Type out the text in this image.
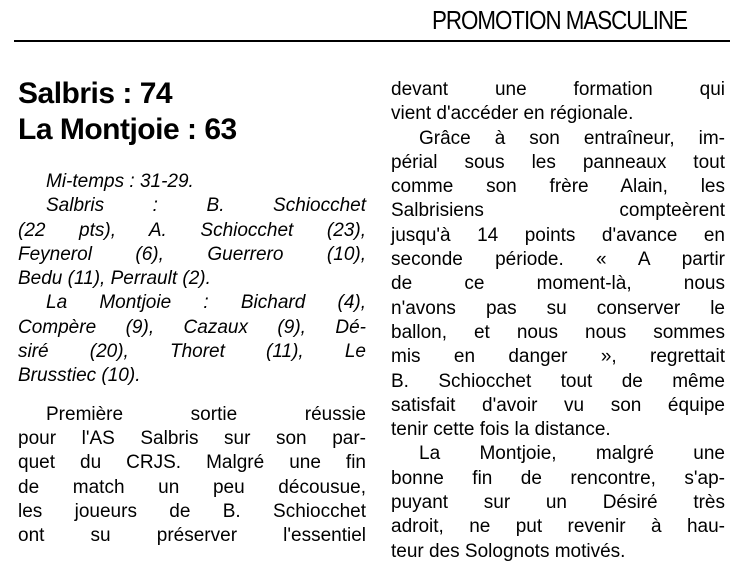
PROMOTION MASCULINE
Salbris : 74
La Montjoie : 63
Mi-temps : 31-29.
Salbris : B. Schiocchet
(22 pts), A. Schiocchet (23),
Feynerol (6), Guerrero (10),
Bedu (11), Perrault (2).
La Montjoie : Bichard (4),
Compère (9), Cazaux (9), Dé-
siré (20), Thoret (11), Le
Brusstiec (10).
Première sortie réussie
pour l'AS Salbris sur son par-
quet du CRJS. Malgré une fin
de match un peu décousue,
les joueurs de B. Schiocchet
ont su préserver l'essentiel
devant une formation qui
vient d'accéder en régionale.
Grâce à son entraîneur, im-
périal sous les panneaux tout
comme son frère Alain, les
Salbrisiens compteèrent
jusqu'à 14 points d'avance en
seconde période. « A partir
de ce moment-là, nous
n'avons pas su conserver le
ballon, et nous nous sommes
mis en danger », regrettait
B. Schiocchet tout de même
satisfait d'avoir vu son équipe
tenir cette fois la distance.
La Montjoie, malgré une
bonne fin de rencontre, s'ap-
puyant sur un Désiré très
adroit, ne put revenir à hau-
teur des Solognots motivés.
